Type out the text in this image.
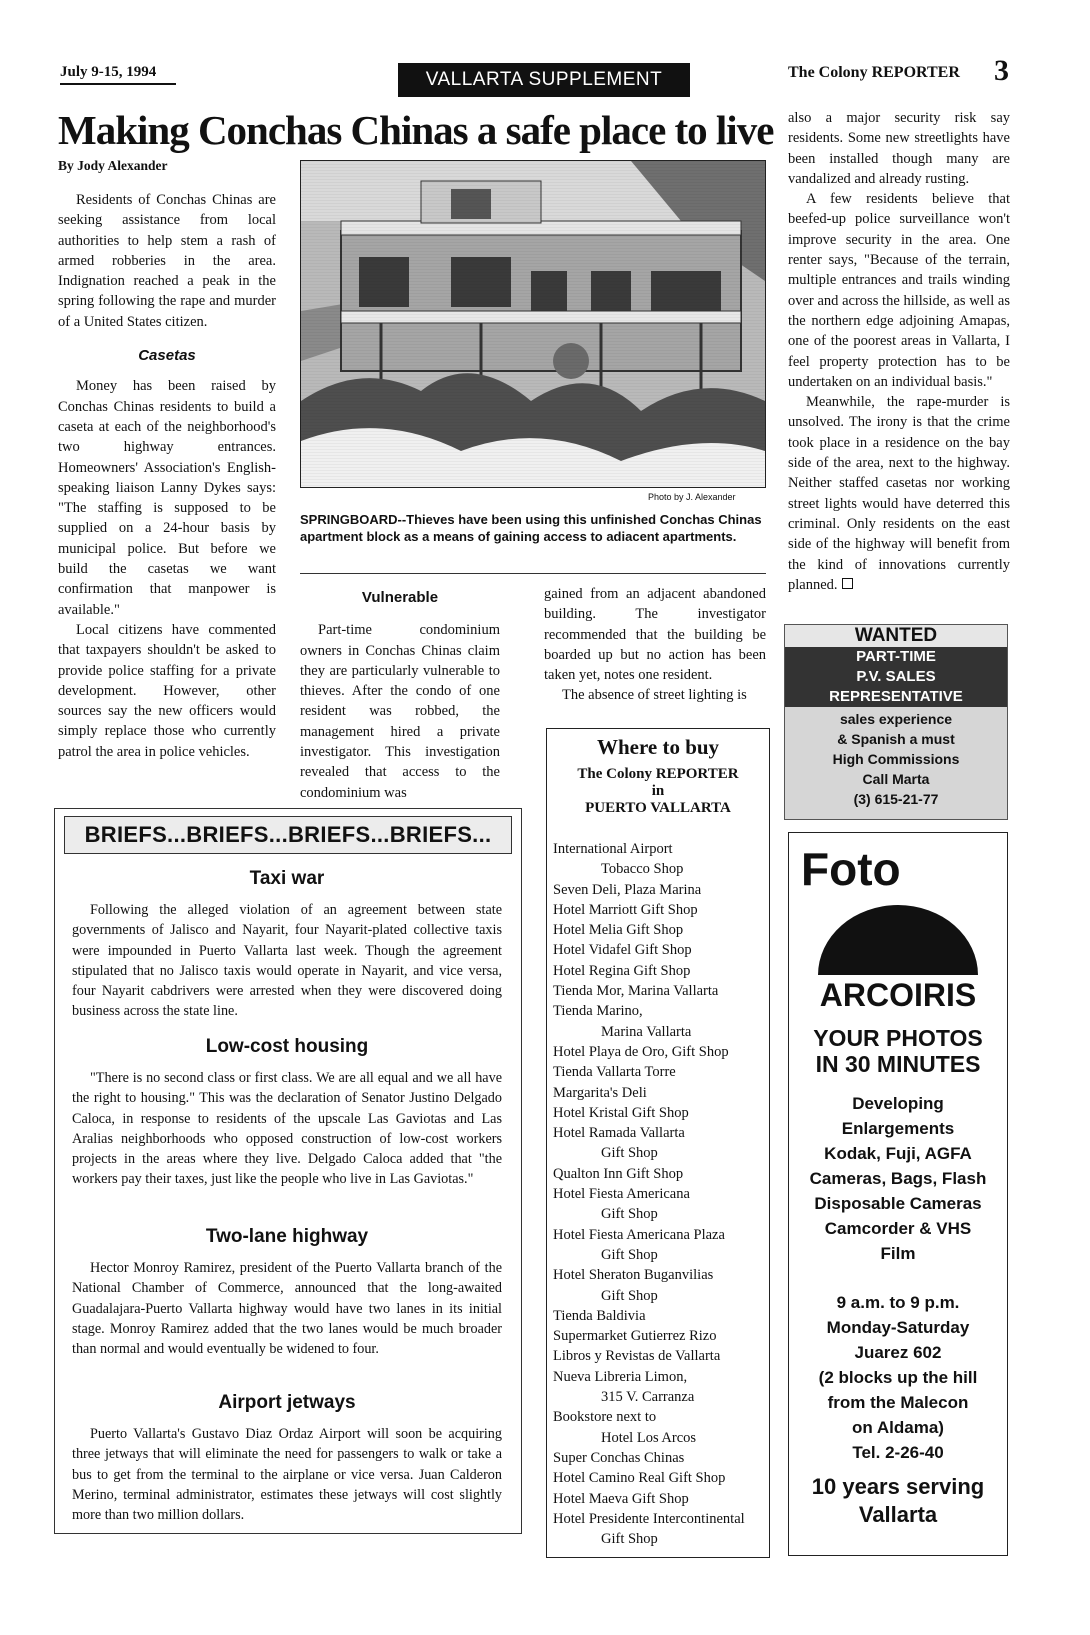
July 9-15, 1994	VALLARTA SUPPLEMENT	The Colony REPORTER 3
Making Conchas Chinas a safe place to live
By Jody Alexander

Residents of Conchas Chinas are seeking assistance from local authorities to help stem a rash of armed robberies in the area. Indignation reached a peak in the spring following the rape and murder of a United States citizen.

Casetas

Money has been raised by Conchas Chinas residents to build a caseta at each of the neighborhood's two highway entrances. Homeowners' Association's English-speaking liaison Lanny Dykes says: "The staffing is supposed to be supplied on a 24-hour basis by municipal police. But before we build the casetas we want confirmation that manpower is available."

Local citizens have commented that taxpayers shouldn't be asked to provide police staffing for a private development. However, other sources say the new officers would simply replace those who currently patrol the area in police vehicles.

Photo by J. Alexander
SPRINGBOARD--Thieves have been using this unfinished Conchas Chinas apartment block as a means of gaining access to adiacent apartments.
Vulnerable

Part-time condominium owners in Conchas Chinas claim they are particularly vulnerable to thieves. After the condo of one resident was robbed, the management hired a private investigator. This investigation revealed that access to the condominium was

gained from an adjacent abandoned building. The investigator recommended that the building be boarded up but no action has been taken yet, notes one resident.

The absence of street lighting is

also a major security risk say residents. Some new streetlights have been installed though many are vandalized and already rusting.

A few residents believe that beefed-up police surveillance won't improve security in the area. One renter says, "Because of the terrain, multiple entrances and trails winding over and across the hillside, as well as the northern edge adjoining Amapas, one of the poorest areas in Vallarta, I feel property protection has to be undertaken on an individual basis."

Meanwhile, the rape-murder is unsolved. The irony is that the crime took place in a residence on the bay side of the area, next to the highway. Neither staffed casetas nor working street lights would have deterred this criminal. Only residents on the east side of the highway will benefit from the kind of innovations currently planned.

BRIEFS...BRIEFS...BRIEFS...BRIEFS...
Taxi war

Following the alleged violation of an agreement between state governments of Jalisco and Nayarit, four Nayarit-plated collective taxis were impounded in Puerto Vallarta last week. Though the agreement stipulated that no Jalisco taxis would operate in Nayarit, and vice versa, four Nayarit cabdrivers were arrested when they were discovered doing business across the state line.

Low-cost housing

"There is no second class or first class. We are all equal and we all have the right to housing." This was the declaration of Senator Justino Delgado Caloca, in response to residents of the upscale Las Gaviotas and Las Aralias neighborhoods who opposed construction of low-cost workers projects in the areas where they live. Delgado Caloca added that "the workers pay their taxes, just like the people who live in Las Gaviotas."

Two-lane highway

Hector Monroy Ramirez, president of the Puerto Vallarta branch of the National Chamber of Commerce, announced that the long-awaited Guadalajara-Puerto Vallarta highway would have two lanes in its initial stage. Monroy Ramirez added that the two lanes would be much broader than normal and would eventually be widened to four.

Airport jetways

Puerto Vallarta's Gustavo Diaz Ordaz Airport will soon be acquiring three jetways that will eliminate the need for passengers to walk or take a bus to get from the terminal to the airplane or vice versa. Juan Calderon Merino, terminal administrator, estimates these jetways will cost slightly more than two million dollars.

Where to buy
The Colony REPORTER
in
PUERTO VALLARTA
International Airport
Tobacco Shop
Seven Deli, Plaza Marina
Hotel Marriott Gift Shop
Hotel Melia Gift Shop
Hotel Vidafel Gift Shop
Hotel Regina Gift Shop
Tienda Mor, Marina Vallarta
Tienda Marino,
Marina Vallarta
Hotel Playa de Oro, Gift Shop
Tienda Vallarta Torre
Margarita's Deli
Hotel Kristal Gift Shop
Hotel Ramada Vallarta
Gift Shop
Qualton Inn Gift Shop
Hotel Fiesta Americana
Gift Shop
Hotel Fiesta Americana Plaza
Gift Shop
Hotel Sheraton Buganvilias
Gift Shop
Tienda Baldivia
Supermarket Gutierrez Rizo
Libros y Revistas de Vallarta
Nueva Libreria Limon,
315 V. Carranza
Bookstore next to
Hotel Los Arcos
Super Conchas Chinas
Hotel Camino Real Gift Shop
Hotel Maeva Gift Shop
Hotel Presidente Intercontinental
Gift Shop
WANTED
PART-TIME
P.V. SALES
REPRESENTATIVE
sales experience
& Spanish a must
High Commissions
Call Marta
(3) 615-21-77
Foto
ARCOIRIS
YOUR PHOTOS
IN 30 MINUTES
Developing
Enlargements
Kodak, Fuji, AGFA
Cameras, Bags, Flash
Disposable Cameras
Camcorder & VHS
Film
9 a.m. to 9 p.m.
Monday-Saturday
Juarez 602
(2 blocks up the hill
from the Malecon
on Aldama)
Tel. 2-26-40
10 years serving
Vallarta
